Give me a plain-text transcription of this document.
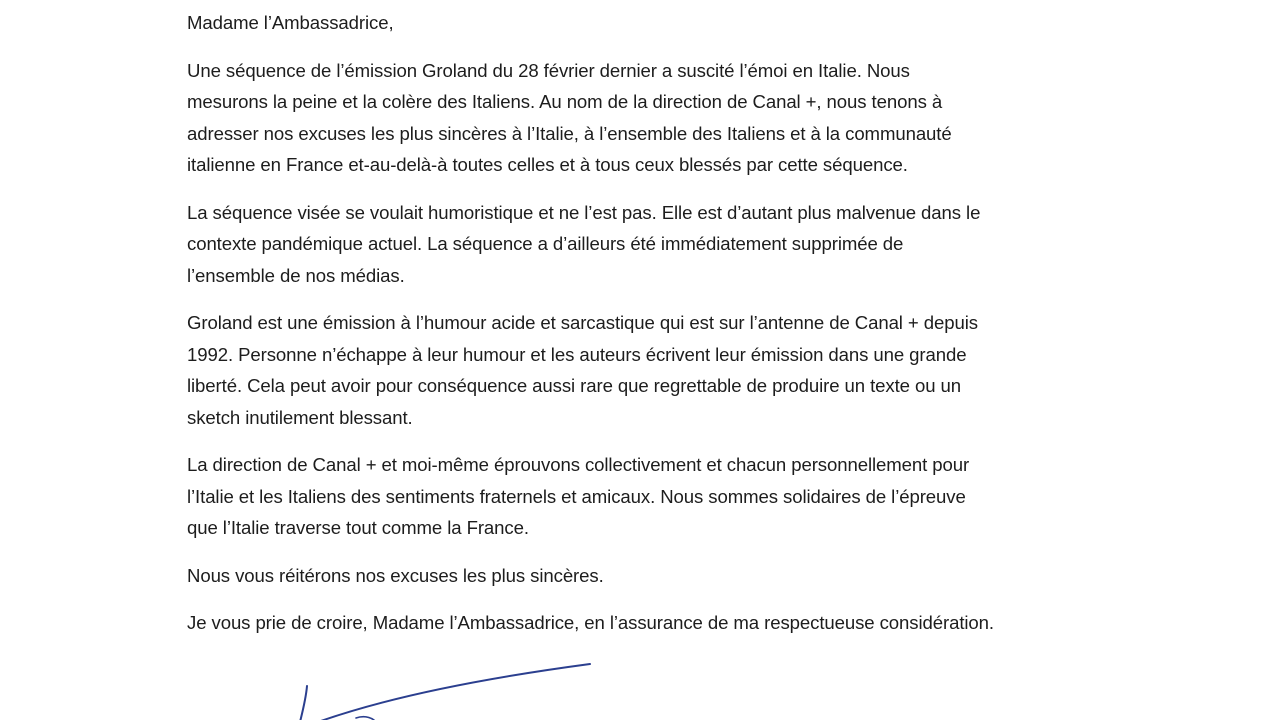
Madame l’Ambassadrice,
Une séquence de l’émission Groland du 28 février dernier a suscité l’émoi en Italie. Nous
mesurons la peine et la colère des Italiens. Au nom de la direction de Canal +, nous tenons à
adresser nos excuses les plus sincères à l’Italie, à l’ensemble des Italiens et à la communauté
italienne en France et-au-delà-à toutes celles et à tous ceux blessés par cette séquence.
La séquence visée se voulait humoristique et ne l’est pas. Elle est d’autant plus malvenue dans le
contexte pandémique actuel. La séquence a d’ailleurs été immédiatement supprimée de
l’ensemble de nos médias.
Groland est une émission à l’humour acide et sarcastique qui est sur l’antenne de Canal + depuis
1992. Personne n’échappe à leur humour et les auteurs écrivent leur émission dans une grande
liberté. Cela peut avoir pour conséquence aussi rare que regrettable de produire un texte ou un
sketch inutilement blessant.
La direction de Canal + et moi-même éprouvons collectivement et chacun personnellement pour
l’Italie et les Italiens des sentiments fraternels et amicaux. Nous sommes solidaires de l’épreuve
que l’Italie traverse tout comme la France.
Nous vous réitérons nos excuses les plus sincères.
Je vous prie de croire, Madame l’Ambassadrice, en l’assurance de ma respectueuse considération.
